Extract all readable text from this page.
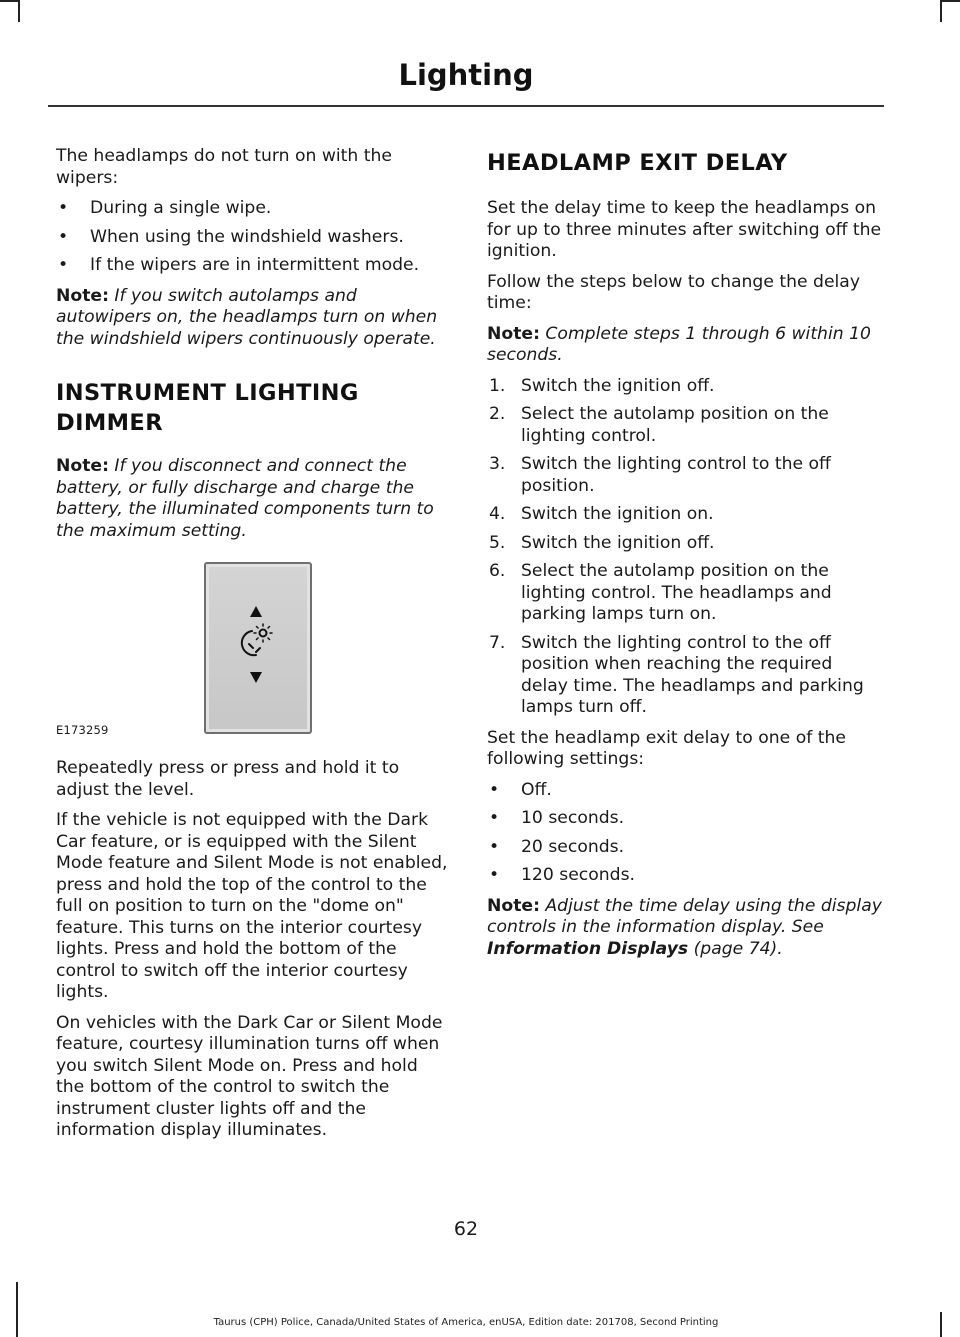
Lighting

The headlamps do not turn on with the wipers:

• During a single wipe.
• When using the windshield washers.
• If the wipers are in intermittent mode.

Note: If you switch autolamps and autowipers on, the headlamps turn on when the windshield wipers continuously operate.

INSTRUMENT LIGHTING
DIMMER

Note: If you disconnect and connect the battery, or fully discharge and charge the battery, the illuminated components turn to the maximum setting.

E173259

Repeatedly press or press and hold it to adjust the level.

If the vehicle is not equipped with the Dark Car feature, or is equipped with the Silent Mode feature and Silent Mode is not enabled, press and hold the top of the control to the full on position to turn on the "dome on" feature. This turns on the interior courtesy lights. Press and hold the bottom of the control to switch off the interior courtesy lights.

On vehicles with the Dark Car or Silent Mode feature, courtesy illumination turns off when you switch Silent Mode on. Press and hold the bottom of the control to switch the instrument cluster lights off and the information display illuminates.

HEADLAMP EXIT DELAY

Set the delay time to keep the headlamps on for up to three minutes after switching off the ignition.

Follow the steps below to change the delay time:

Note: Complete steps 1 through 6 within 10 seconds.

1. Switch the ignition off.
2. Select the autolamp position on the lighting control.
3. Switch the lighting control to the off position.
4. Switch the ignition on.
5. Switch the ignition off.
6. Select the autolamp position on the lighting control. The headlamps and parking lamps turn on.
7. Switch the lighting control to the off position when reaching the required delay time. The headlamps and parking lamps turn off.

Set the headlamp exit delay to one of the following settings:

• Off.
• 10 seconds.
• 20 seconds.
• 120 seconds.

Note: Adjust the time delay using the display controls in the information display. See Information Displays (page 74).

62
Taurus (CPH) Police, Canada/United States of America, enUSA, Edition date: 201708, Second Printing
